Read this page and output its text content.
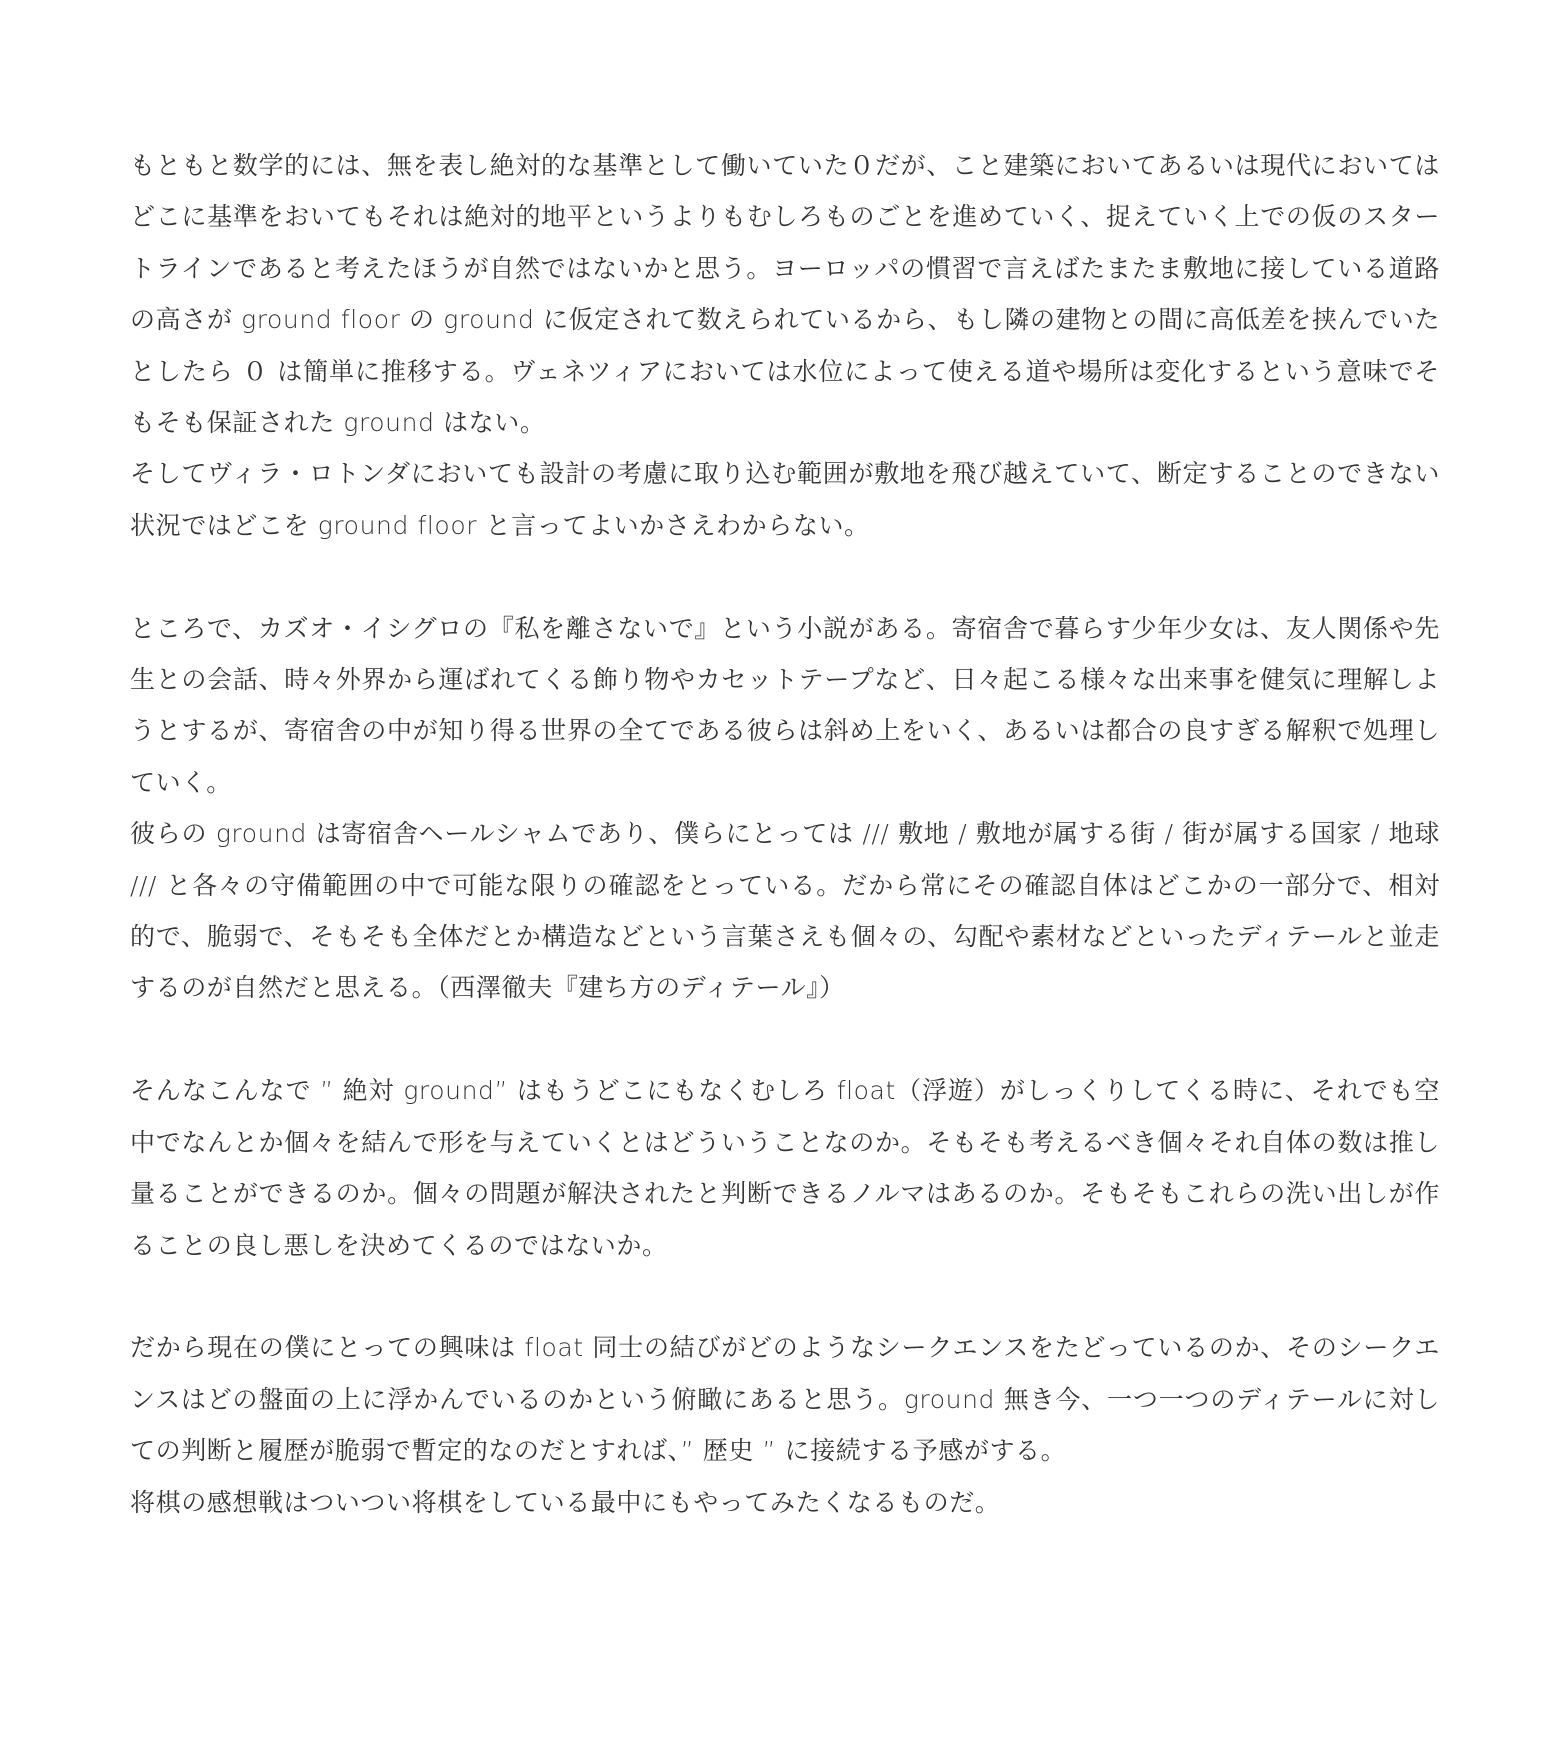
もともと数学的には、無を表し絶対的な基準として働いていた０だが、こと建築においてあるいは現代においてはどこに基準をおいてもそれは絶対的地平というよりもむしろものごとを進めていく、捉えていく上での仮のスタートラインであると考えたほうが自然ではないかと思う。ヨーロッパの慣習で言えばたまたま敷地に接している道路の高さが ground floor の ground に仮定されて数えられているから、もし隣の建物との間に高低差を挟んでいたとしたら ０ は簡単に推移する。ヴェネツィアにおいては水位によって使える道や場所は変化するという意味でそもそも保証された ground はない。
そしてヴィラ・ロトンダにおいても設計の考慮に取り込む範囲が敷地を飛び越えていて、断定することのできない状況ではどこを ground floor と言ってよいかさえわからない。
ところで、カズオ・イシグロの『私を離さないで』という小説がある。寄宿舎で暮らす少年少女は、友人関係や先生との会話、時々外界から運ばれてくる飾り物やカセットテープなど、日々起こる様々な出来事を健気に理解しようとするが、寄宿舎の中が知り得る世界の全てである彼らは斜め上をいく、あるいは都合の良すぎる解釈で処理していく。
彼らの ground は寄宿舎ヘールシャムであり、僕らにとっては /// 敷地 / 敷地が属する街 / 街が属する国家 / 地球 /// と各々の守備範囲の中で可能な限りの確認をとっている。だから常にその確認自体はどこかの一部分で、相対的で、脆弱で、そもそも全体だとか構造などという言葉さえも個々の、勾配や素材などといったディテールと並走するのが自然だと思える。（西澤徹夫『建ち方のディテール』）
そんなこんなで ” 絶対 ground” はもうどこにもなくむしろ float（浮遊）がしっくりしてくる時に、それでも空中でなんとか個々を結んで形を与えていくとはどういうことなのか。そもそも考えるべき個々それ自体の数は推し量ることができるのか。個々の問題が解決されたと判断できるノルマはあるのか。そもそもこれらの洗い出しが作ることの良し悪しを決めてくるのではないか。
だから現在の僕にとっての興味は float 同士の結びがどのようなシークエンスをたどっているのか、そのシークエンスはどの盤面の上に浮かんでいるのかという俯瞰にあると思う。ground 無き今、一つ一つのディテールに対しての判断と履歴が脆弱で暫定的なのだとすれば、” 歴史 ” に接続する予感がする。
将棋の感想戦はついつい将棋をしている最中にもやってみたくなるものだ。
